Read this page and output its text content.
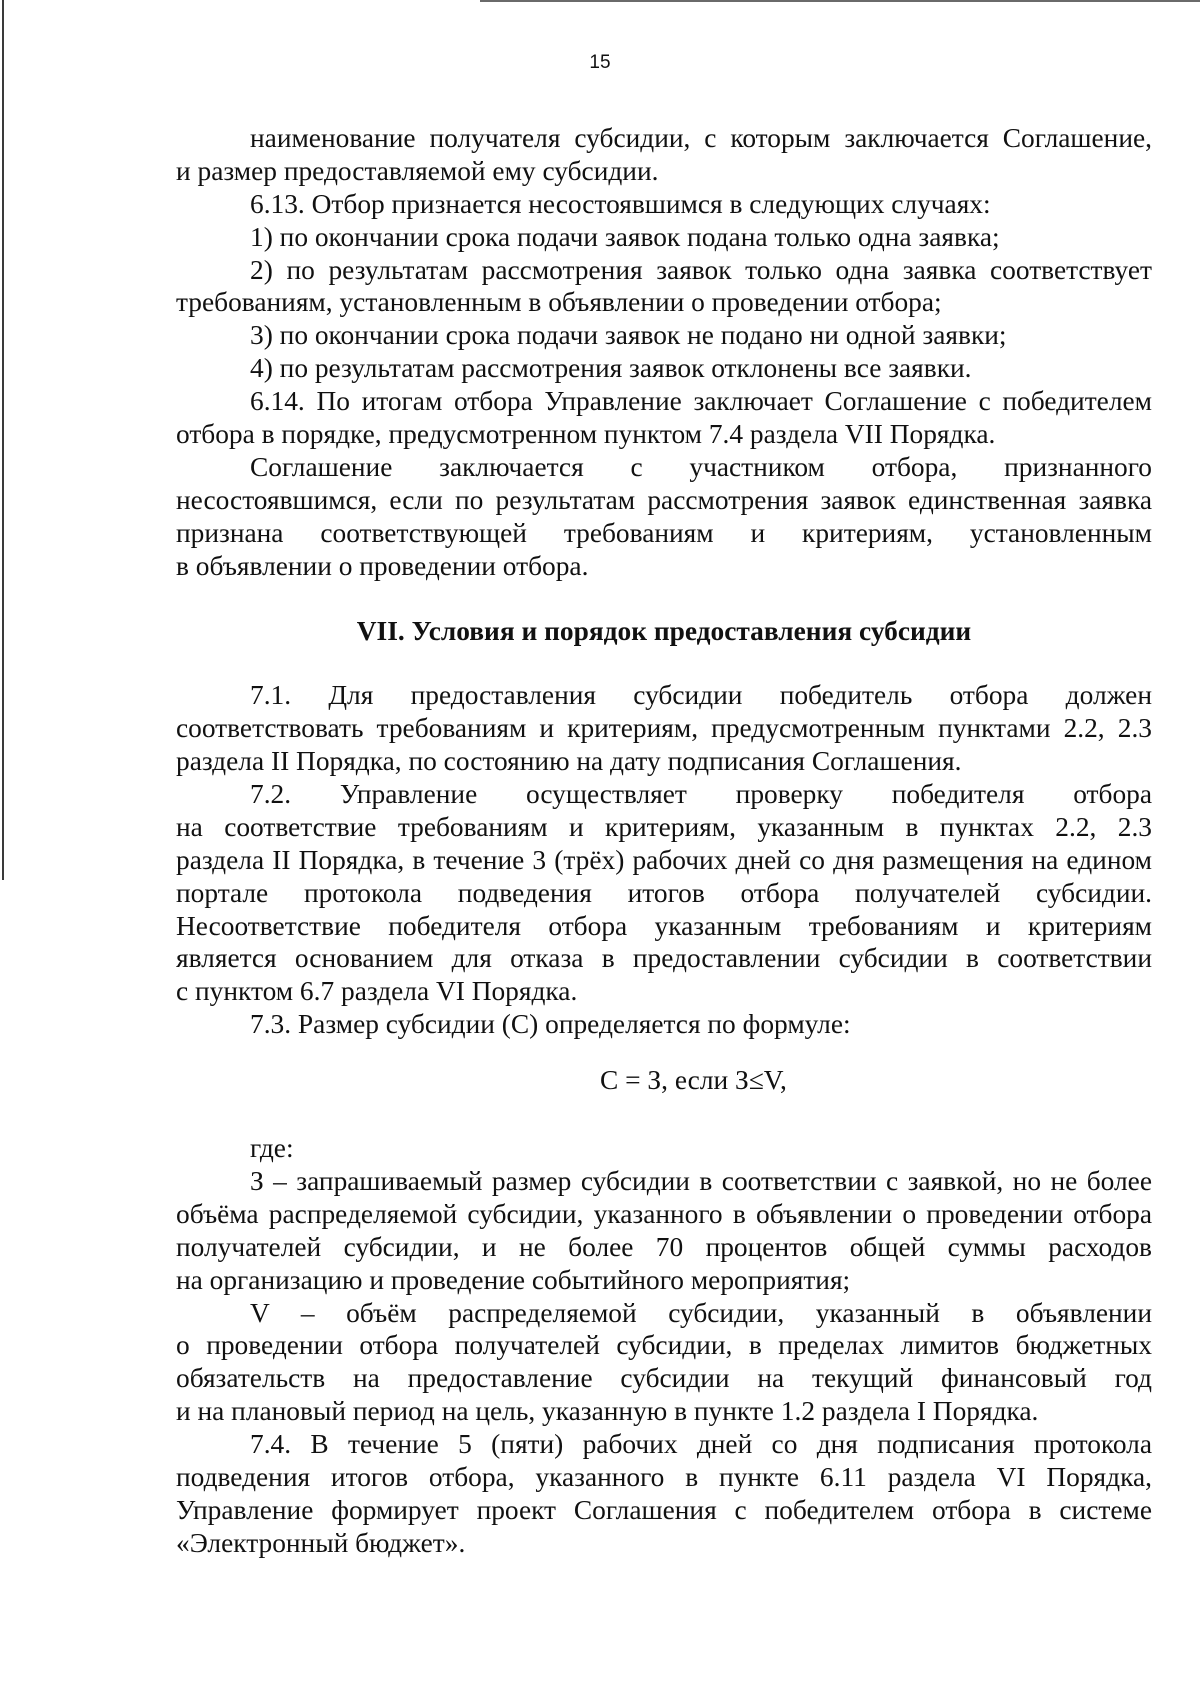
15
наименование получателя субсидии, с которым заключается Соглашение,
и размер предоставляемой ему субсидии.
6.13. Отбор признается несостоявшимся в следующих случаях:
1) по окончании срока подачи заявок подана только одна заявка;
2) по результатам рассмотрения заявок только одна заявка соответствует
требованиям, установленным в объявлении о проведении отбора;
3) по окончании срока подачи заявок не подано ни одной заявки;
4) по результатам рассмотрения заявок отклонены все заявки.
6.14. По итогам отбора Управление заключает Соглашение с победителем
отбора в порядке, предусмотренном пунктом 7.4 раздела VII Порядка.
Соглашение заключается с участником отбора, признанного
несостоявшимся, если по результатам рассмотрения заявок единственная заявка
признана соответствующей требованиям и критериям, установленным
в объявлении о проведении отбора.
VII. Условия и порядок предоставления субсидии
7.1. Для предоставления субсидии победитель отбора должен
соответствовать требованиям и критериям, предусмотренным пунктами 2.2, 2.3
раздела II Порядка, по состоянию на дату подписания Соглашения.
7.2. Управление осуществляет проверку победителя отбора
на соответствие требованиям и критериям, указанным в пунктах 2.2, 2.3
раздела II Порядка, в течение 3 (трёх) рабочих дней со дня размещения на едином
портале протокола подведения итогов отбора получателей субсидии.
Несоответствие победителя отбора указанным требованиям и критериям
является основанием для отказа в предоставлении субсидии в соответствии
с пунктом 6.7 раздела VI Порядка.
7.3. Размер субсидии (С) определяется по формуле:
С = З, если З≤V,
где:
З – запрашиваемый размер субсидии в соответствии с заявкой, но не более
объёма распределяемой субсидии, указанного в объявлении о проведении отбора
получателей субсидии, и не более 70 процентов общей суммы расходов
на организацию и проведение событийного мероприятия;
V – объём распределяемой субсидии, указанный в объявлении
о проведении отбора получателей субсидии, в пределах лимитов бюджетных
обязательств на предоставление субсидии на текущий финансовый год
и на плановый период на цель, указанную в пункте 1.2 раздела I Порядка.
7.4. В течение 5 (пяти) рабочих дней со дня подписания протокола
подведения итогов отбора, указанного в пункте 6.11 раздела VI Порядка,
Управление формирует проект Соглашения с победителем отбора в системе
«Электронный бюджет».
